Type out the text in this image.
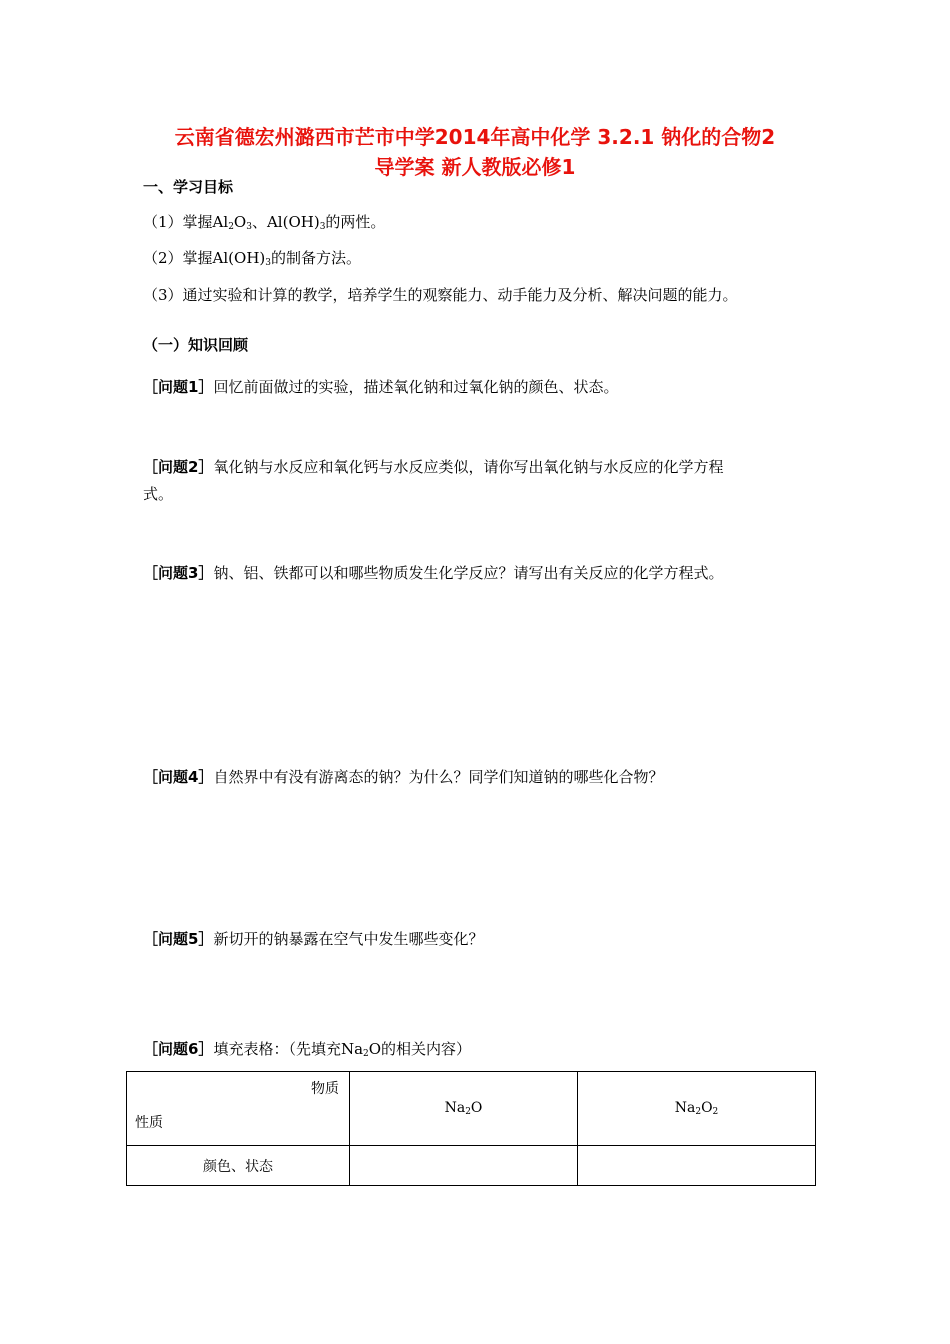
云南省德宏州潞西市芒市中学2014年高中化学 3.2.1 钠化的合物2
导学案 新人教版必修1
一、学习目标
（1）掌握$Al_2O_3$、$Al(OH)_3$的两性。
（2）掌握$Al(OH)_3$的制备方法。
（3）通过实验和计算的教学，培养学生的观察能力、动手能力及分析、解决问题的能力。
（一）知识回顾
［问题1］回忆前面做过的实验，描述氧化钠和过氧化钠的颜色、状态。
［问题2］氧化钠与水反应和氧化钙与水反应类似，请你写出氧化钠与水反应的化学方程
式。
［问题3］钠、铝、铁都可以和哪些物质发生化学反应？请写出有关反应的化学方程式。
［问题4］自然界中有没有游离态的钠？为什么？同学们知道钠的哪些化合物？
［问题5］新切开的钠暴露在空气中发生哪些变化？
［问题6］填充表格：（先填充$Na_2O$的相关内容）
物质
性质	$Na_2O$	$Na_2O_2$
颜色、状态		
